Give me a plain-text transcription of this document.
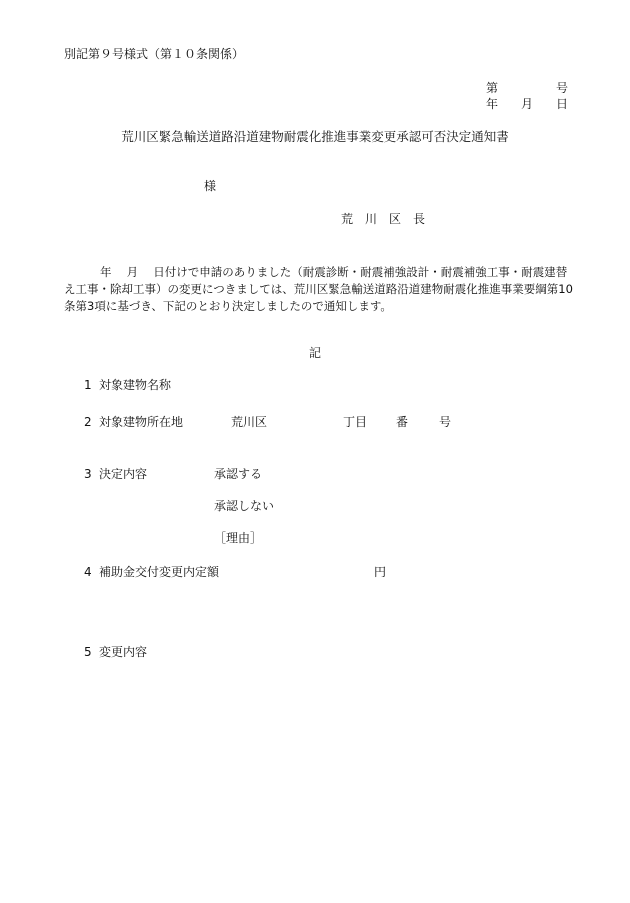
別記第９号様式（第１０条関係）
第	号
年 月 日
荒川区緊急輸送道路沿道建物耐震化推進事業変更承認可否決定通知書
様
荒　川　区　長
年　 月　 日付けで申請のありました（耐震診断・耐震補強設計・耐震補強工事・耐震建替え工事・除却工事）の変更につきましては、荒川区緊急輸送道路沿道建物耐震化推進事業要綱第10条第3項に基づき、下記のとおり決定しましたので通知します。
記
1 対象建物名称
2 対象建物所在地	荒川区	丁目 番	号
3 決定内容	承認する
承認しない
［理由］
4 補助金交付変更内定額	円
5 変更内容
